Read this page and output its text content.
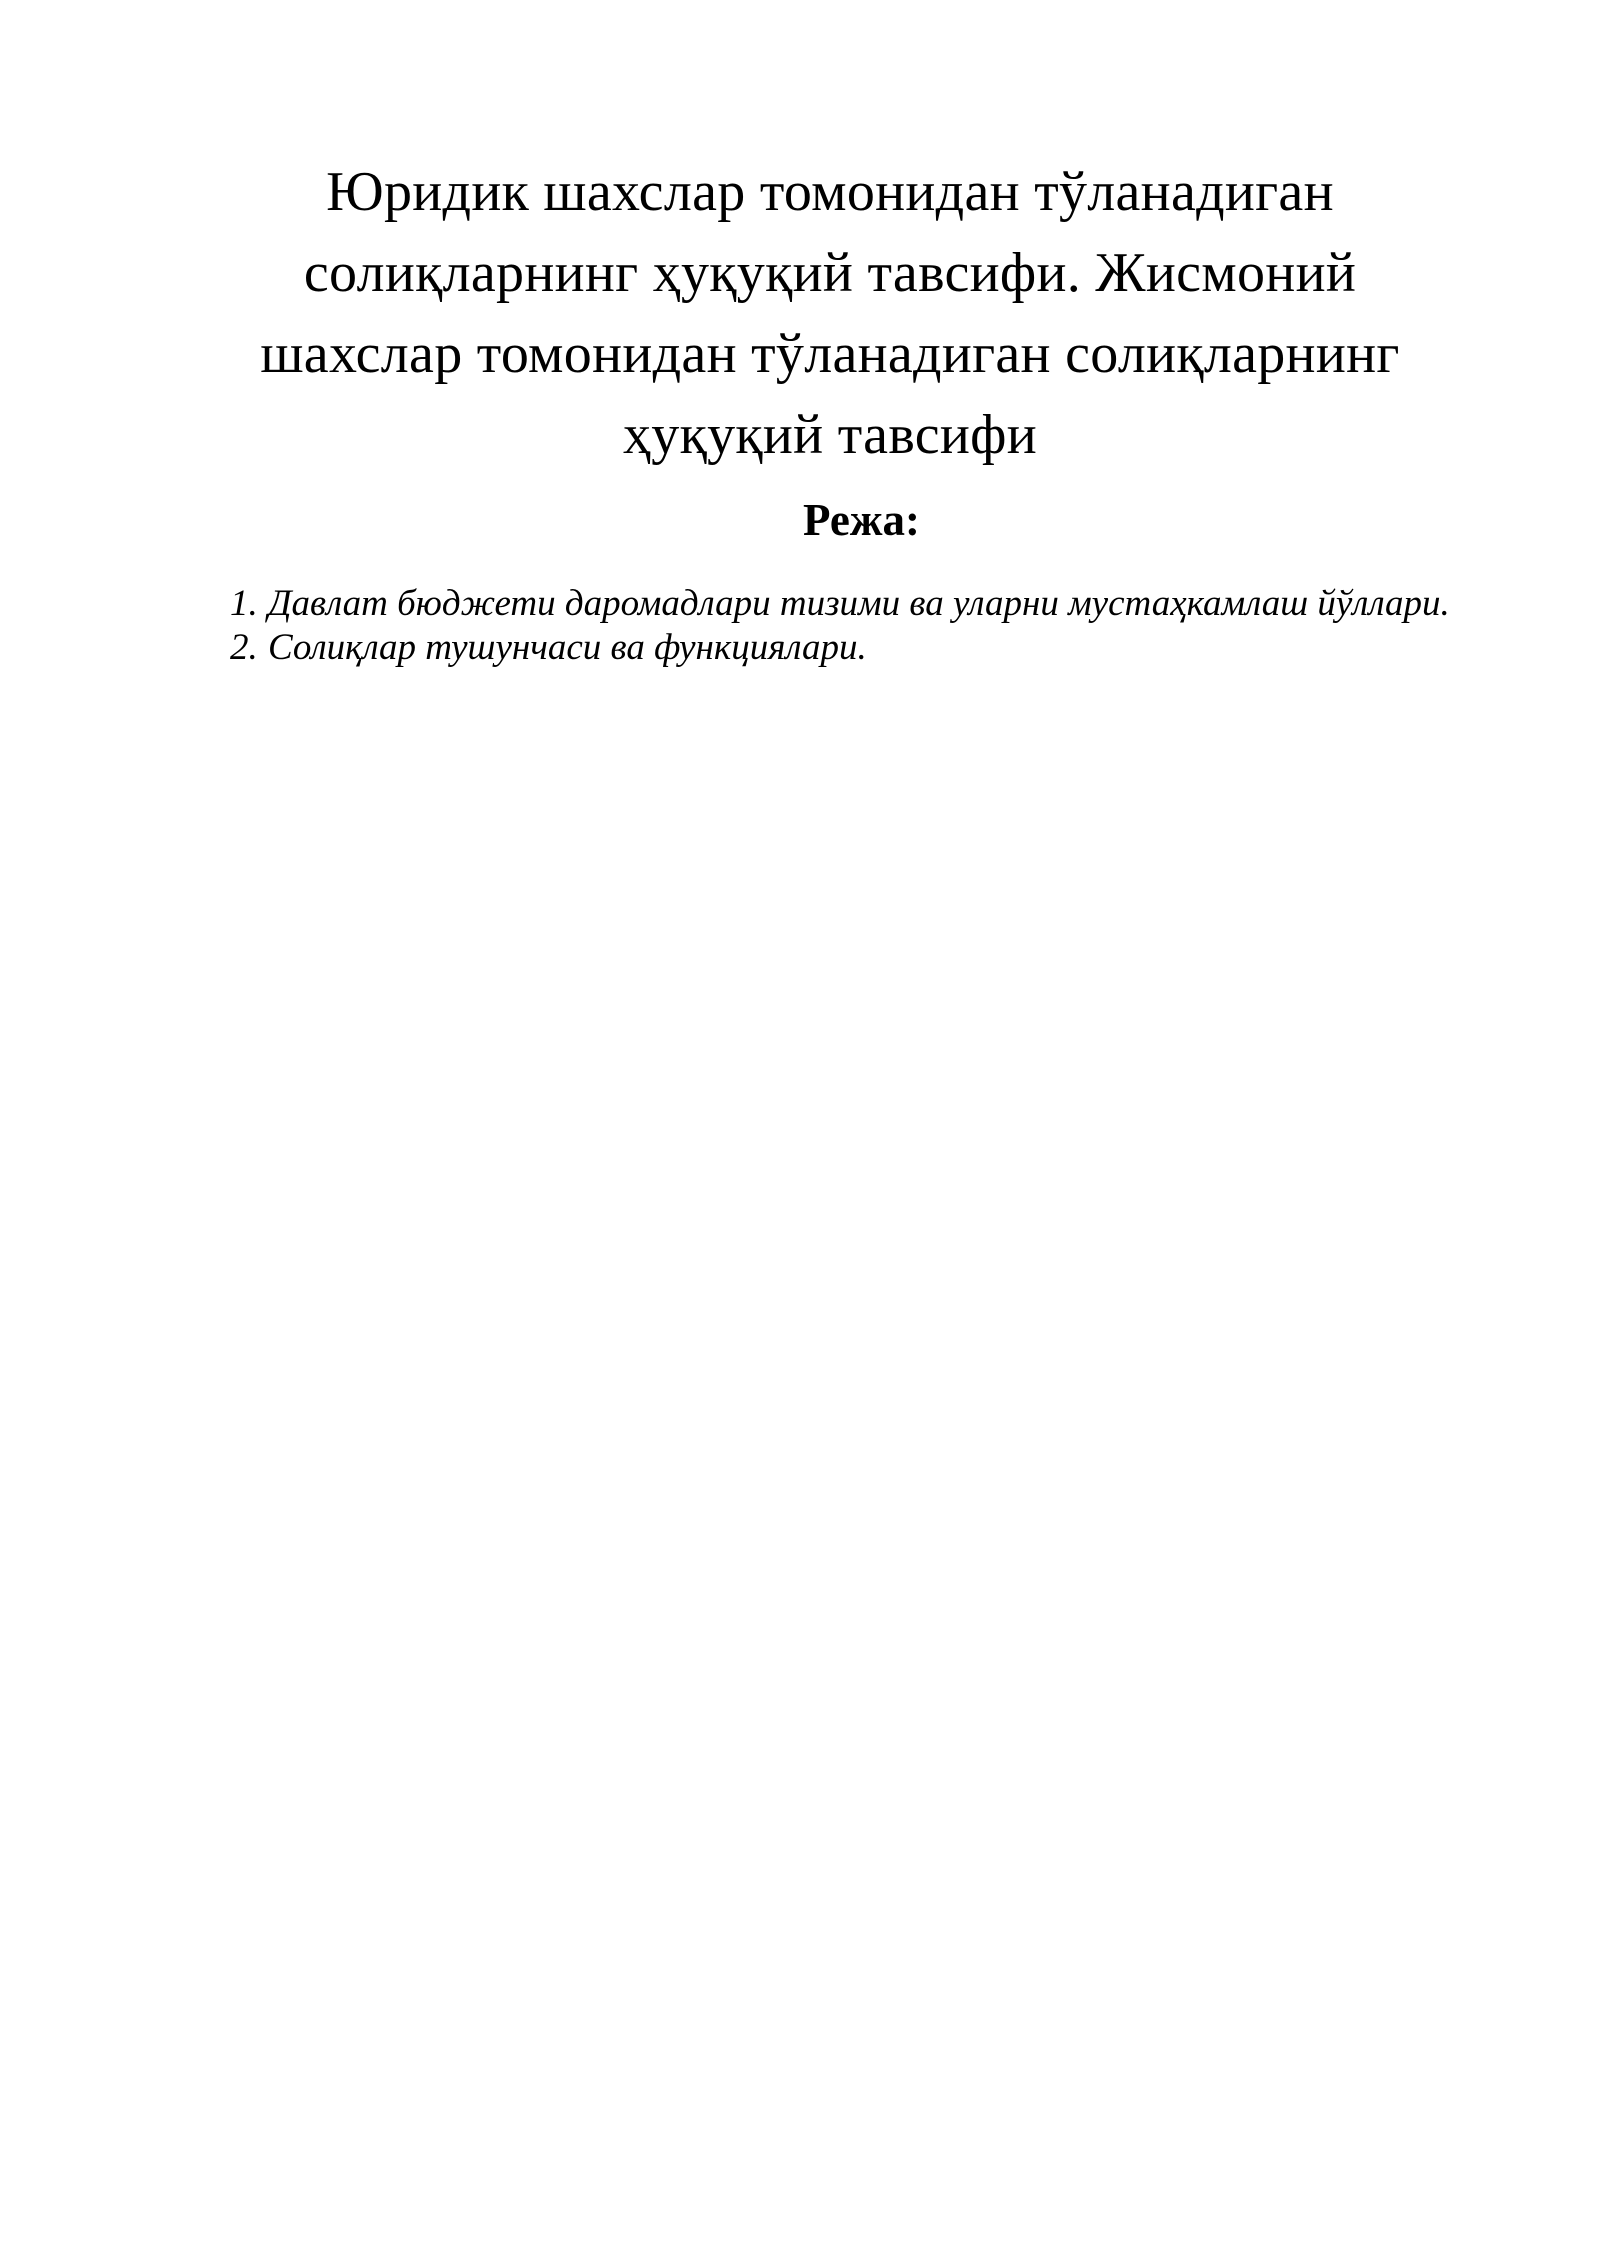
Юридик шахслар томонидан тўланадиган солиқларнинг ҳуқуқий тавсифи. Жисмоний шахслар томонидан тўланадиган солиқларнинг ҳуқуқий тавсифи
Режа:
1. Давлат бюджети даромадлари тизими ва уларни мустаҳкамлаш йўллари.
2. Солиқлар тушунчаси ва функциялари.
